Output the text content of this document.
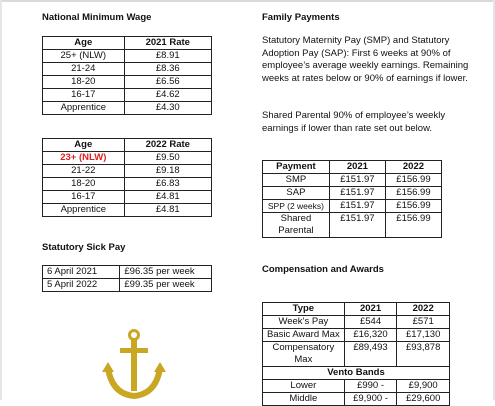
National Minimum Wage
Age	2021 Rate
25+ (NLW)	£8.91
21-24	£8.36
18-20	£6.56
16-17	£4.62
Apprentice	£4.30
Age	2022 Rate
23+ (NLW)	£9.50
21-22	£9.18
18-20	£6.83
16-17	£4.81
Apprentice	£4.81
Statutory Sick Pay
6 April 2021	£96.35 per week
5 April 2022	£99.35 per week
Family Payments
Statutory Maternity Pay (SMP) and Statutory Adoption Pay (SAP): First 6 weeks at 90% of employee’s average weekly earnings. Remaining weeks at rates below or 90% of earnings if lower.
Shared Parental 90% of employee’s weekly earnings if lower than rate set out below.
Payment	2021	2022
SMP	£151.97	£156.99
SAP	£151.97	£156.99
SPP (2 weeks)	£151.97	£156.99
Shared Parental	£151.97	£156.99
Compensation and Awards
Type	2021	2022
Week’s Pay	£544	£571
Basic Award Max	£16,320	£17,130
Compensatory Max	£89,493	£93,878
Vento Bands		
Lower	£990 -	£9,900
Middle	£9,900 -	£29,600
